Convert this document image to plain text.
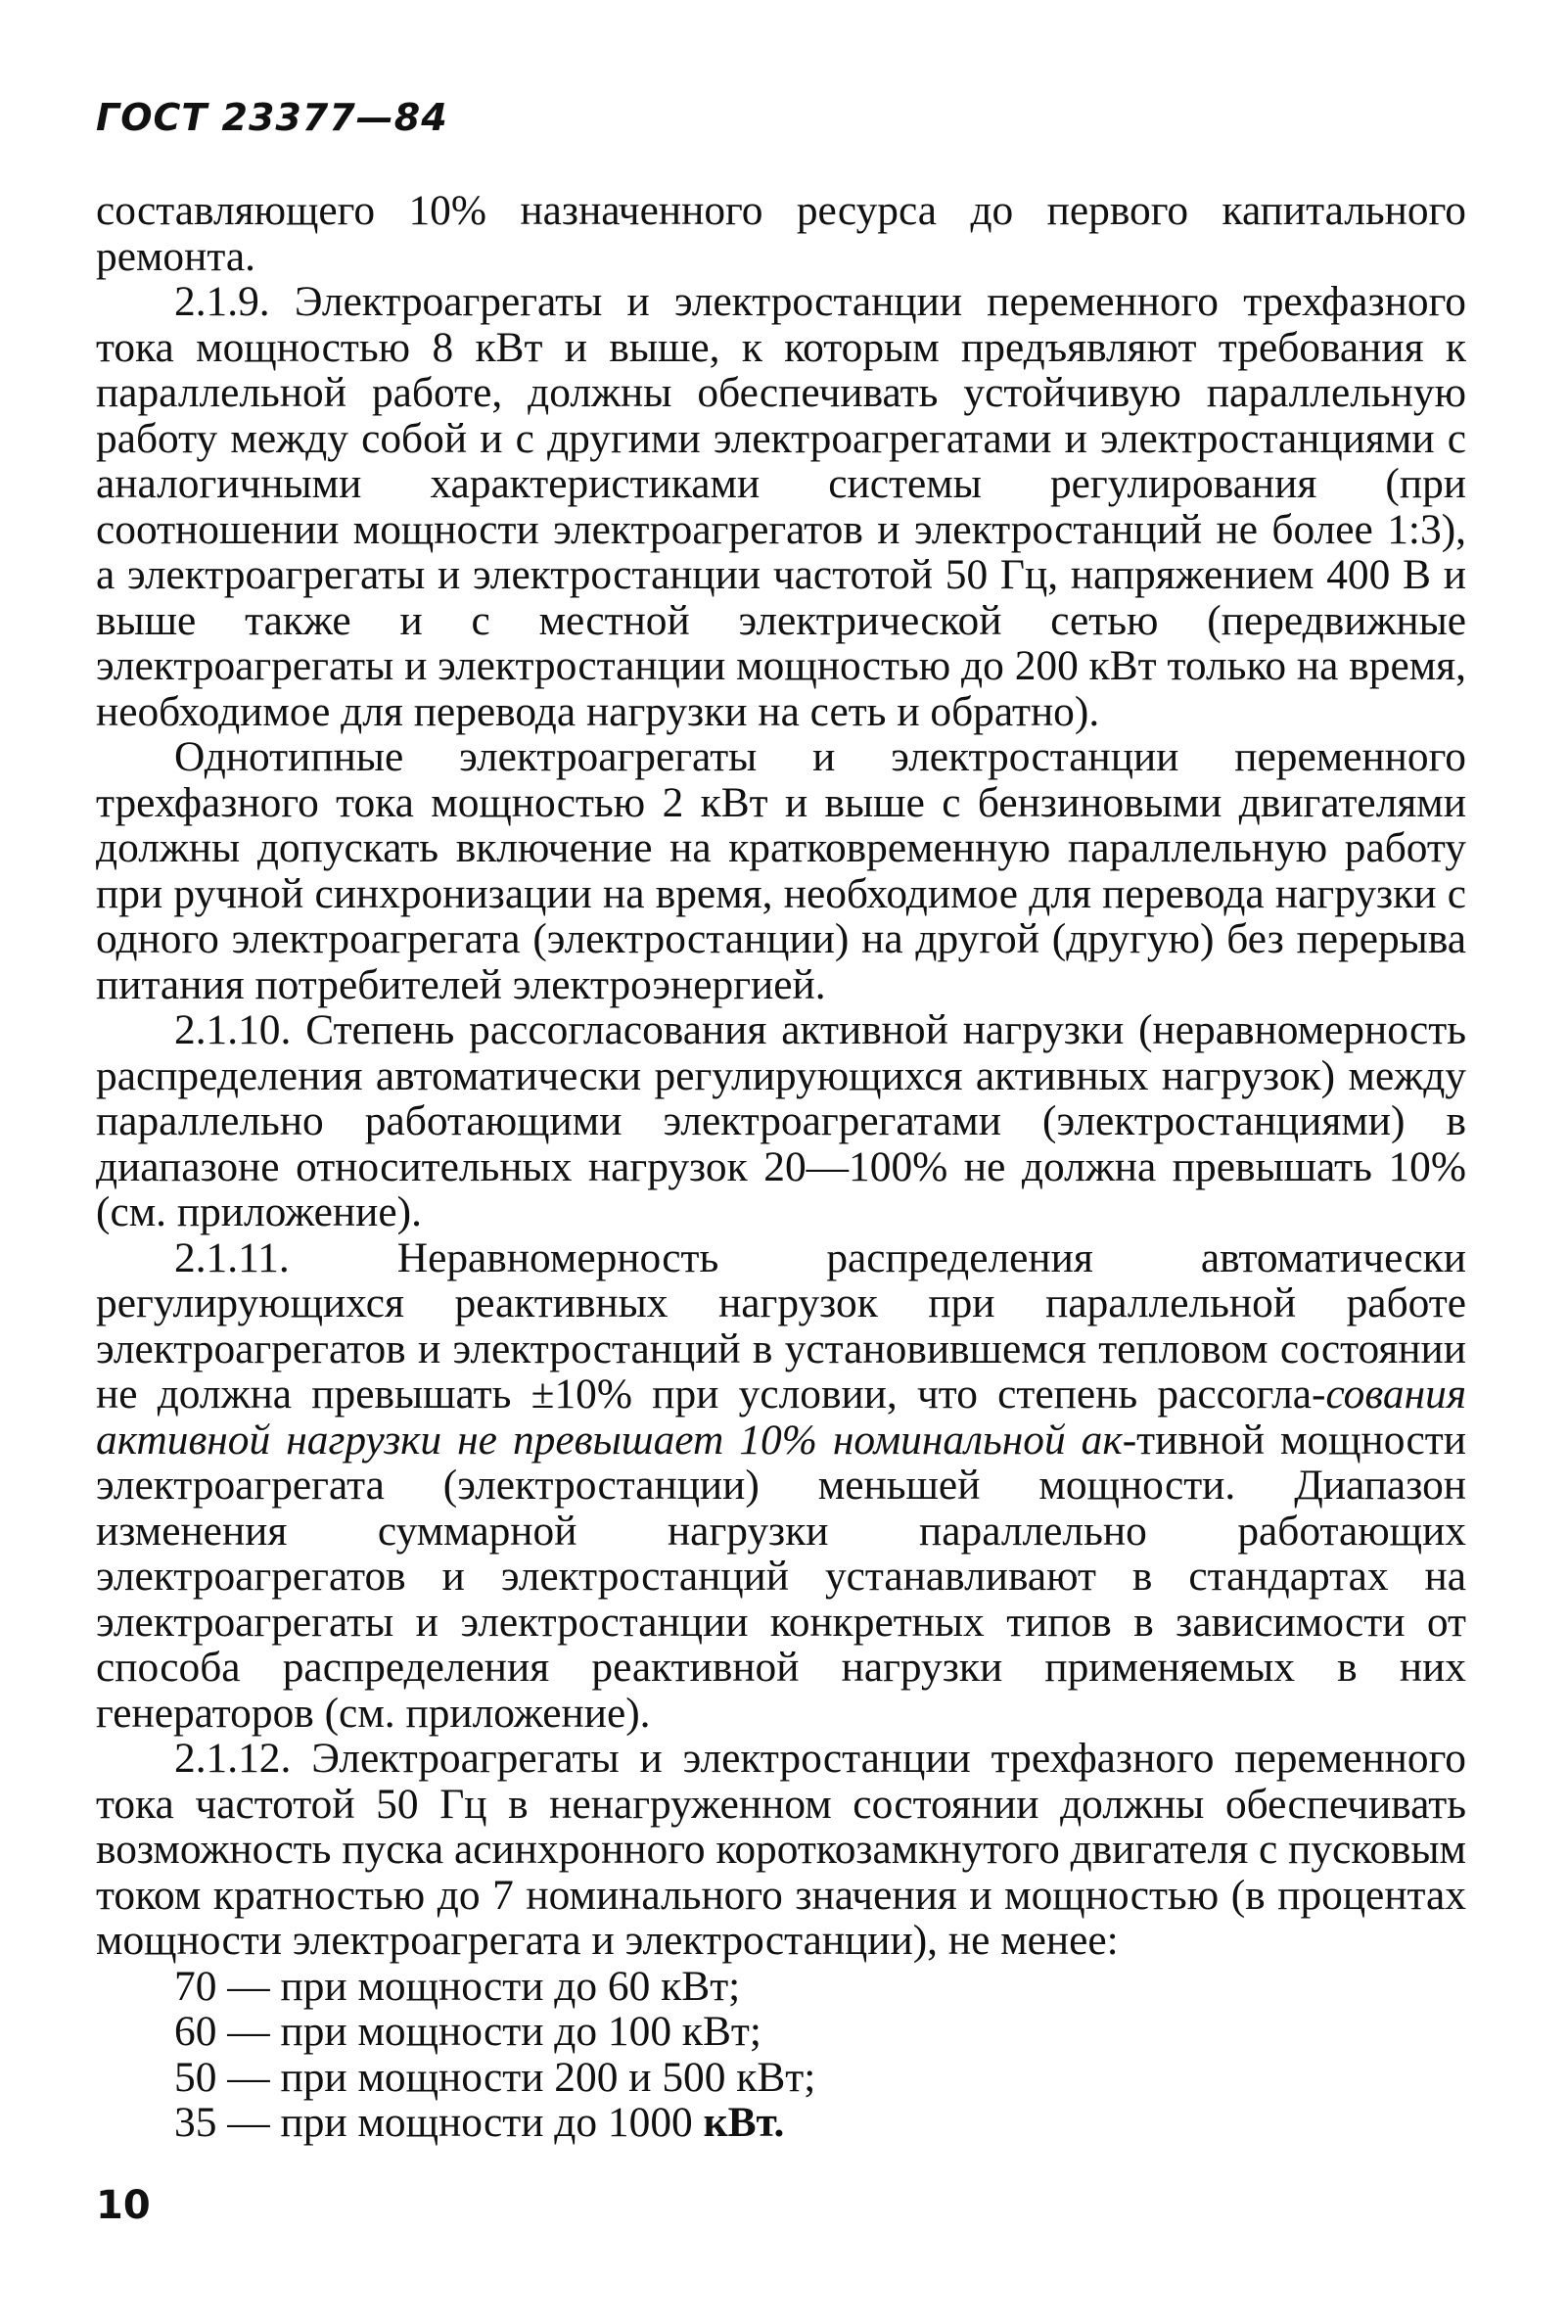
ГОСТ 23377—84

составляющего 10% назначенного ресурса до первого капитального ремонта.

2.1.9. Электроагрегаты и электростанции переменного трехфазного тока мощностью 8 кВт и выше, к которым предъявляют требования к параллельной работе, должны обеспечивать устойчивую параллельную работу между собой и с другими электроагрегатами и электростанциями с аналогичными характеристиками системы регулирования (при соотношении мощности электроагрегатов и электростанций не более 1:3), а электроагрегаты и электростанции частотой 50 Гц, напряжением 400 В и выше также и с местной электрической сетью (передвижные электроагрегаты и электростанции мощностью до 200 кВт только на время, необходимое для перевода нагрузки на сеть и обратно).

Однотипные электроагрегаты и электростанции переменного трехфазного тока мощностью 2 кВт и выше с бензиновыми двигателями должны допускать включение на кратковременную параллельную работу при ручной синхронизации на время, необходимое для перевода нагрузки с одного электроагрегата (электростанции) на другой (другую) без перерыва питания потребителей электроэнергией.

2.1.10. Степень рассогласования активной нагрузки (неравномерность распределения автоматически регулирующихся активных нагрузок) между параллельно работающими электроагрегатами (электростанциями) в диапазоне относительных нагрузок 20—100% не должна превышать 10% (см. приложение).

2.1.11. Неравномерность распределения автоматически регулирующихся реактивных нагрузок при параллельной работе электроагрегатов и электростанций в установившемся тепловом состоянии не должна превышать ±10% при условии, что степень рассогла-сования активной нагрузки не превышает 10% номинальной ак-тивной мощности электроагрегата (электростанции) меньшей мощности. Диапазон изменения суммарной нагрузки параллельно работающих электроагрегатов и электростанций устанавливают в стандартах на электроагрегаты и электростанции конкретных типов в зависимости от способа распределения реактивной нагрузки применяемых в них генераторов (см. приложение).

2.1.12. Электроагрегаты и электростанции трехфазного переменного тока частотой 50 Гц в ненагруженном состоянии должны обеспечивать возможность пуска асинхронного короткозамкнутого двигателя с пусковым током кратностью до 7 номинального значения и мощностью (в процентах мощности электроагрегата и электростанции), не менее:

70 — при мощности до 60 кВт;
60 — при мощности до 100 кВт;
50 — при мощности 200 и 500 кВт;
35 — при мощности до 1000 кВт.
10
